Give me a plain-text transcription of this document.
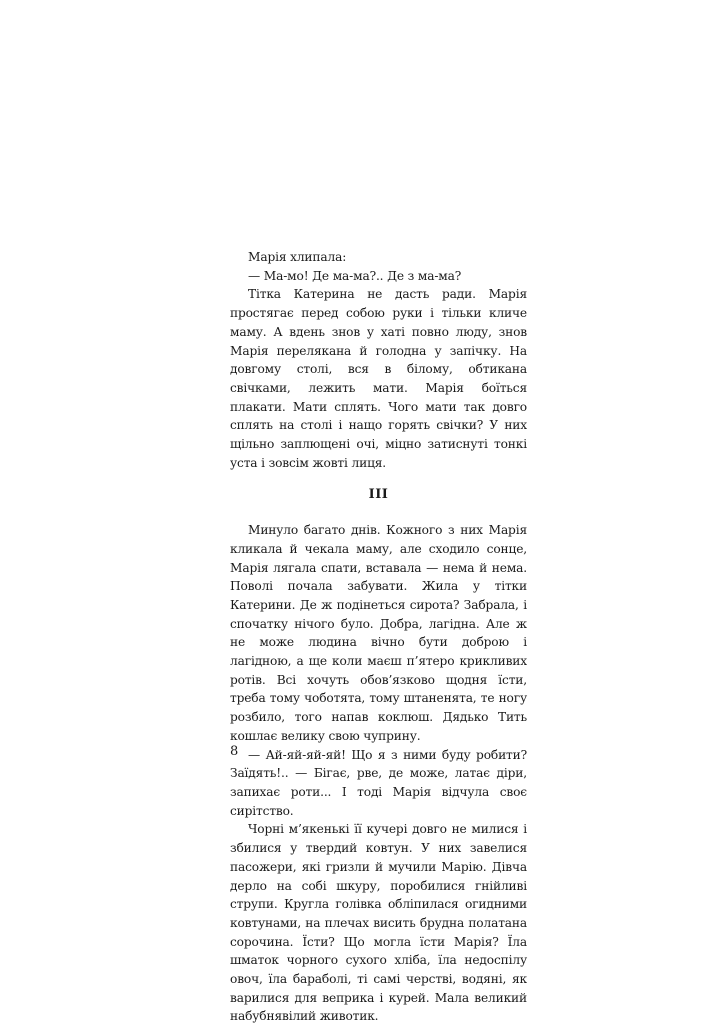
Марія хлипала:

— Ма-мо! Де ма-ма?.. Де з ма-ма?

Тітка Катерина не дасть ради. Марія простягає перед собою руки і тільки кличе маму. А вдень знов у хаті повно люду, знов Марія перелякана й голодна у запічку. На довгому столі, вся в білому, обтикана свічками, лежить мати. Марія боїться плакати. Мати сплять. Чого мати так довго сплять на столі і нащо горять свічки? У них щільно заплющені очі, міцно затиснуті тонкі уста і зовсім жовті лиця.

III

Минуло багато днів. Кожного з них Марія кликала й чекала маму, але сходило сонце, Марія лягала спати, вставала — нема й нема. Поволі почала забувати. Жила у тітки Катерини. Де ж подінеться сирота? Забрала, і спочатку нічого було. Добра, лагідна. Але ж не може людина вічно бути доброю і лагідною, а ще коли маєш п’ятеро крикливих ротів. Всі хочуть обов’язково щодня їсти, треба тому чоботята, тому штаненята, те ногу розбило, того напав коклюш. Дядько Тить кошлає велику свою чуприну.

— Ай-яй-яй-яй! Що я з ними буду робити? Заїдять!.. — Бігає, рве, де може, латає діри, запихає роти... І тоді Марія відчула своє сирітство.

Чорні м’якенькі її кучері довго не милися і збилися у твердий ковтун. У них завелися пасожери, які гризли й мучили Марію. Дівча дерло на собі шкуру, поробилися гнійливі струпи. Кругла голівка облiпилася огидними ковтунами, на плечах висить брудна полатана сорочина. Їсти? Що могла їсти Марія? Їла шматок чорного сухого хліба, їла недоспілу овоч, їла бараболі, ті самі черстві, водяні, як варилися для веприка і курей. Мала великий набубнявілий животик.

8
